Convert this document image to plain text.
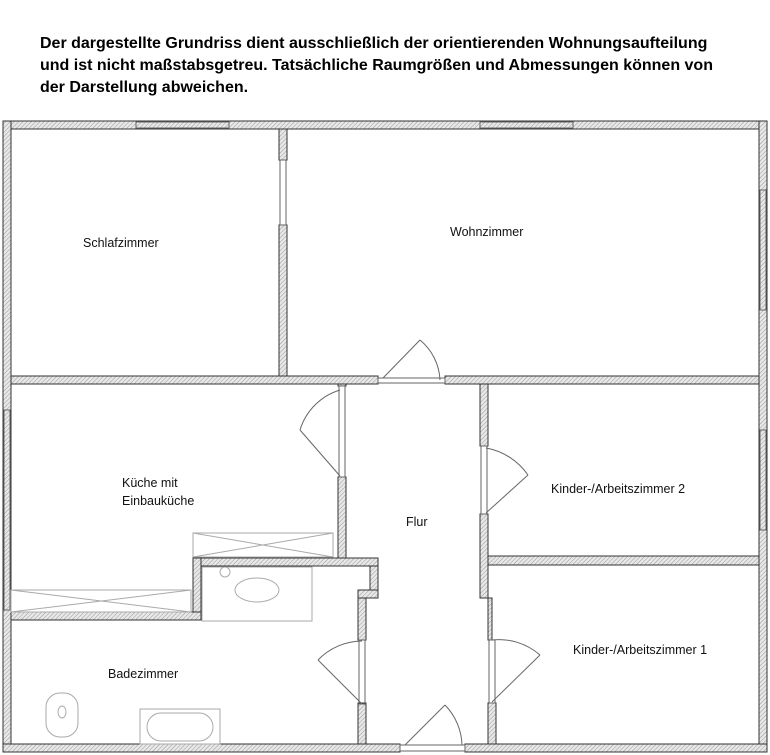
Der dargestellte Grundriss dient ausschließlich der orientierenden Wohnungsaufteilung
und ist nicht maßstabsgetreu. Tatsächliche Raumgrößen und Abmessungen können von
der Darstellung abweichen.
Schlafzimmer
Wohnzimmer
Küche mit
Einbauküche
Flur
Kinder-/Arbeitszimmer 2
Kinder-/Arbeitszimmer 1
Badezimmer
